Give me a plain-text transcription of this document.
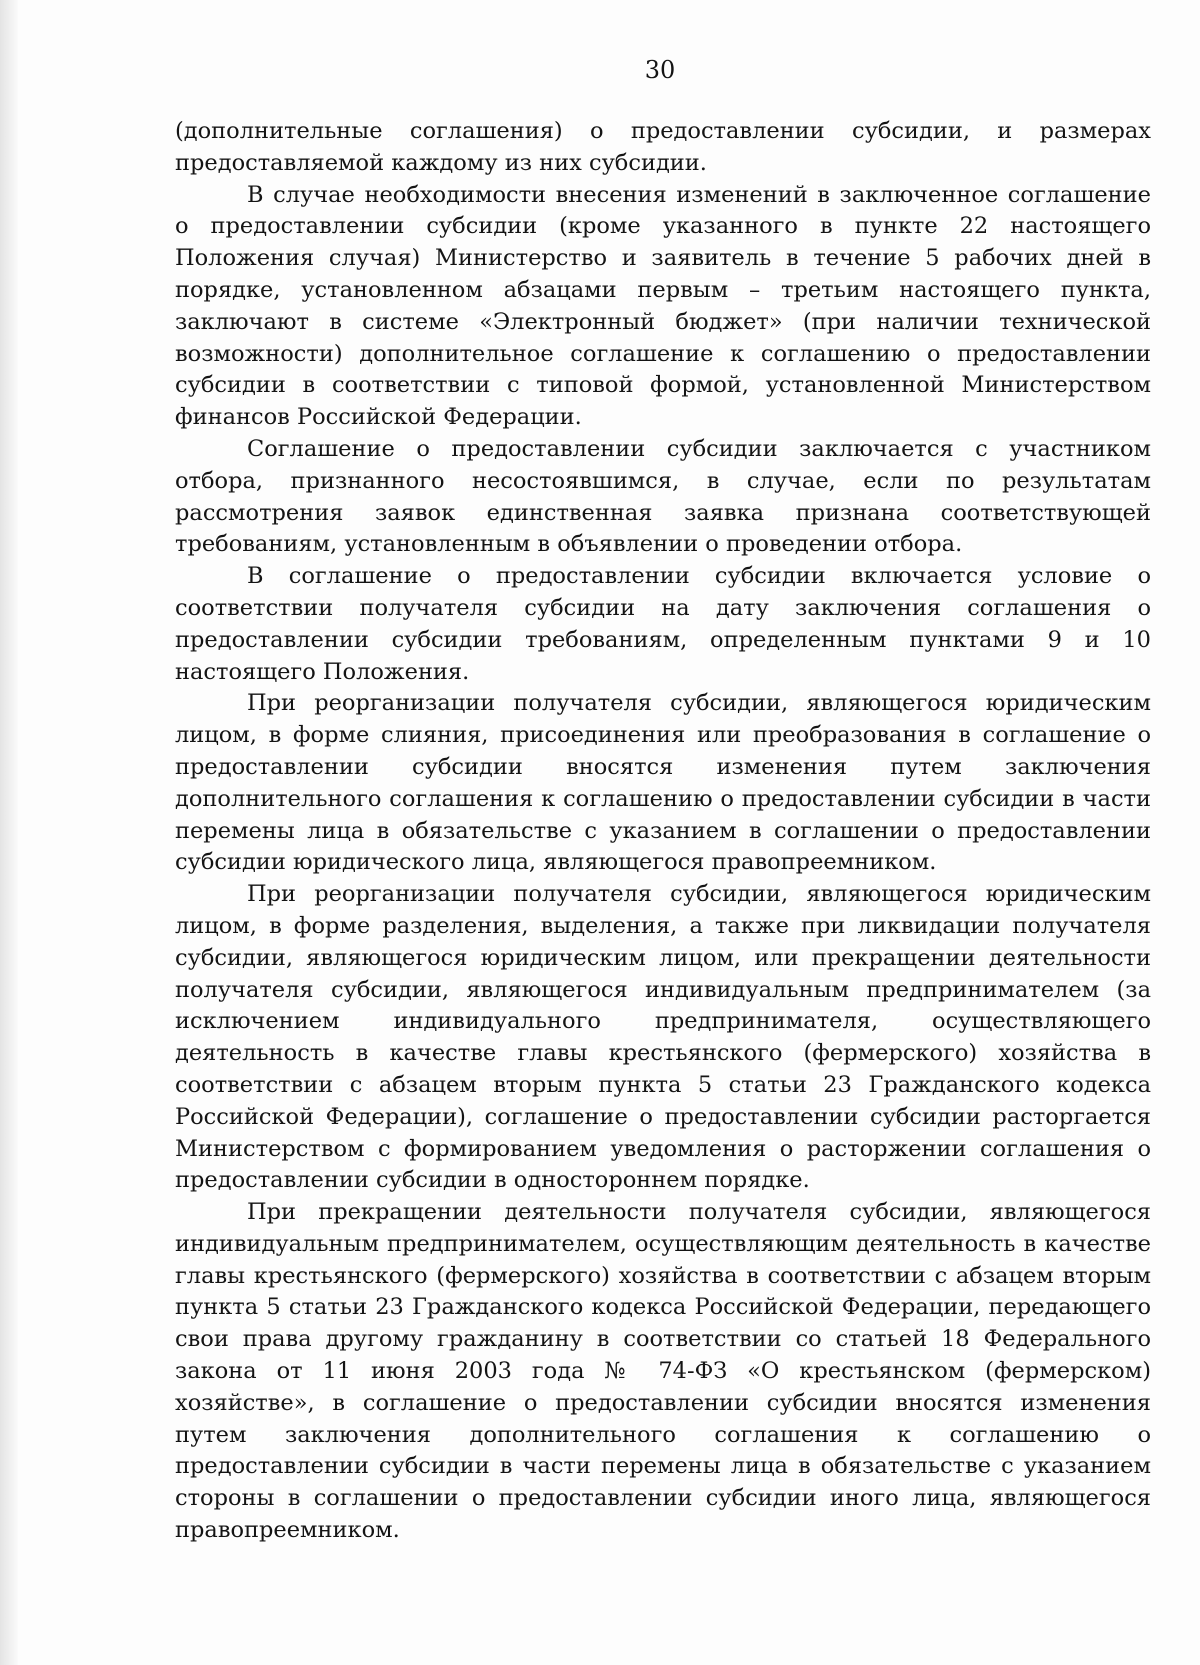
30

(дополнительные соглашения) о предоставлении субсидии, и размерах предоставляемой каждому из них субсидии.

В случае необходимости внесения изменений в заключенное соглашение о предоставлении субсидии (кроме указанного в пункте 22 настоящего Положения случая) Министерство и заявитель в течение 5 рабочих дней в порядке, установленном абзацами первым – третьим настоящего пункта, заключают в системе «Электронный бюджет» (при наличии технической возможности) дополнительное соглашение к соглашению о предоставлении субсидии в соответствии с типовой формой, установленной Министерством финансов Российской Федерации.

Соглашение о предоставлении субсидии заключается с участником отбора, признанного несостоявшимся, в случае, если по результатам рассмотрения заявок единственная заявка признана соответствующей требованиям, установленным в объявлении о проведении отбора.

В соглашение о предоставлении субсидии включается условие о соответствии получателя субсидии на дату заключения соглашения о предоставлении субсидии требованиям, определенным пунктами 9 и 10 настоящего Положения.

При реорганизации получателя субсидии, являющегося юридическим лицом, в форме слияния, присоединения или преобразования в соглашение о предоставлении субсидии вносятся изменения путем заключения дополнительного соглашения к соглашению о предоставлении субсидии в части перемены лица в обязательстве с указанием в соглашении о предоставлении субсидии юридического лица, являющегося правопреемником.

При реорганизации получателя субсидии, являющегося юридическим лицом, в форме разделения, выделения, а также при ликвидации получателя субсидии, являющегося юридическим лицом, или прекращении деятельности получателя субсидии, являющегося индивидуальным предпринимателем (за исключением индивидуального предпринимателя, осуществляющего деятельность в качестве главы крестьянского (фермерского) хозяйства в соответствии с абзацем вторым пункта 5 статьи 23 Гражданского кодекса Российской Федерации), соглашение о предоставлении субсидии расторгается Министерством с формированием уведомления о расторжении соглашения о предоставлении субсидии в одностороннем порядке.

При прекращении деятельности получателя субсидии, являющегося индивидуальным предпринимателем, осуществляющим деятельность в качестве главы крестьянского (фермерского) хозяйства в соответствии с абзацем вторым пункта 5 статьи 23 Гражданского кодекса Российской Федерации, передающего свои права другому гражданину в соответствии со статьей 18 Федерального закона от 11 июня 2003 года № 74-ФЗ «О крестьянском (фермерском) хозяйстве», в соглашение о предоставлении субсидии вносятся изменения путем заключения дополнительного соглашения к соглашению о предоставлении субсидии в части перемены лица в обязательстве с указанием стороны в соглашении о предоставлении субсидии иного лица, являющегося правопреемником.
